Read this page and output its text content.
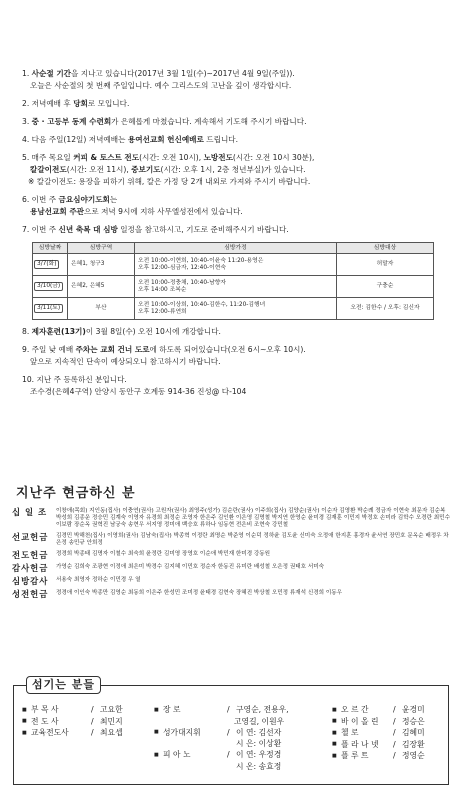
1. 사순절 기간을 지나고 있습니다(2017년 3월 1일(수)~2017년 4월 9일(주일)).
오늘은 사순절의 첫 번째 주일입니다. 예수 그리스도의 고난을 깊이 생각합시다.
2. 저녁예배 후 당회로 모입니다.
3. 중 · 고등부 동계 수련회가 은혜롭게 마쳤습니다. 계속해서 기도해 주시기 바랍니다.
4. 다음 주일(12일) 저녁예배는 용여선교회 헌신예배로 드립니다.
5. 매주 목요일 커피 & 토스트 전도(시간: 오전 10시), 노방전도(시간: 오전 10시 30분),
칼갈이전도(시간: 오전 11시), 중보기도(시간: 오후 1시, 2층 청년부실)가 있습니다.
※ 칼갈이전도: 용장을 피하기 위해, 칼은 가정 당 2개 내외로 가져와 주시기 바랍니다.
6. 이번 주 금요심야기도회는
용남선교회 주관으로 저녁 9시에 지하 사무엘성전에서 있습니다.
7. 이번 주 신년 축복 대 심방 일정을 참고하시고, 기도로 준비해주시기 바랍니다.
심방날짜	심방구역	심방가정	심방대상
3/7(화)	은혜1, 청구3	오전 10:00-이현희, 10:40-이윤숙 11:20-용영은
오후 12:00-심금자, 12:40-이현숙	허말자
3/10(금)	은혜2, 은혜5	오전 10:00-정충채, 10:40-남향자
오후 14:00 조복순	구충순
3/11(토)	부산	오전 10:00-이상희, 10:40-김한수, 11:20-김행녀
오후 12:00-류연희	오전: 김한수 / 오후: 김신자
8. 제자훈련(13기)이 3월 8일(수) 오전 10시에 개강합니다.
9. 주일 낮 예배 주차는 교회 건너 도로에 하도록 되어있습니다(오전 6시~오후 10시).
앞으로 지속적인 단속이 예상되오니 참고하시기 바랍니다.
10. 지난 주 등록하신 분입니다.
조수경(은혜4구역) 안양시 동안구 호계동 914-36 진성@ 다-104
지난주 현금하신 분
십 일 조	이창애(목회) 지인동(집사) 이충연(권사) 고원자(권사) 최영주(성가) 김순란(권사) 이주희(집사) 김양순(권사) 이순자 김영환 박순례 정금자 이현숙 최문자 김순복 박성희 김종운 정승민 김계숙 이영자 유경희 최정순 조영자 한은주 김인환 이은영 김명철 박지연 한영순 윤미경 김재훈 이민지 박정호 손미라 김학수 오경란 최민수 이보람 장순옥 권혁진 남궁숙 송현우 서지영 정미애 백승호 류하나 임동현 전은비 조현숙 강민철
선교헌금	김경민 박해천(집사) 이영희(권사) 김남숙(집사) 박종혁 이정란 최명순 박준영 이순덕 정하윤 김도윤 신미숙 오정애 한지훈 홍경자 윤서연 장민호 문옥순 배정우 차은정 송민규 안희정
전도헌금	정경희 박종태 김명자 이철수 최숙희 윤정란 김미영 장영호 이순애 박민재 한미경 강동원
감사헌금	가영순 김희숙 조광현 이정애 최은미 박경수 김지혜 이민호 정순자 한동진 유미란 배성철 오은정 권태호 서미숙
심방감사	서용숙 최영자 정하순 이민경 우 열
성전헌금	정경애 이인숙 박종만 김영순 최동희 이은주 한성민 조미정 윤태경 김현숙 장혜진 박상철 오민정 류재석 신경희 이동우
섬기는 분들
■ 부 목 사	/고요한
■ 전 도 사	/최민지
■ 교육전도사	/최요셉
■ 장 로	/구영순, 전용우,
고영길, 이원우
■ 성가대지휘	/이 연: 김선자
시 은: 이상환
■ 피 아 노	/이 연: 우정경
시 온: 송효정
■ 오 르 간	/윤경미
■ 바 이 올 린 /정승은
■ 첼 로	/김혜미
■ 플 라 나 넷 /김장환
■ 플 루 트	/정영순
